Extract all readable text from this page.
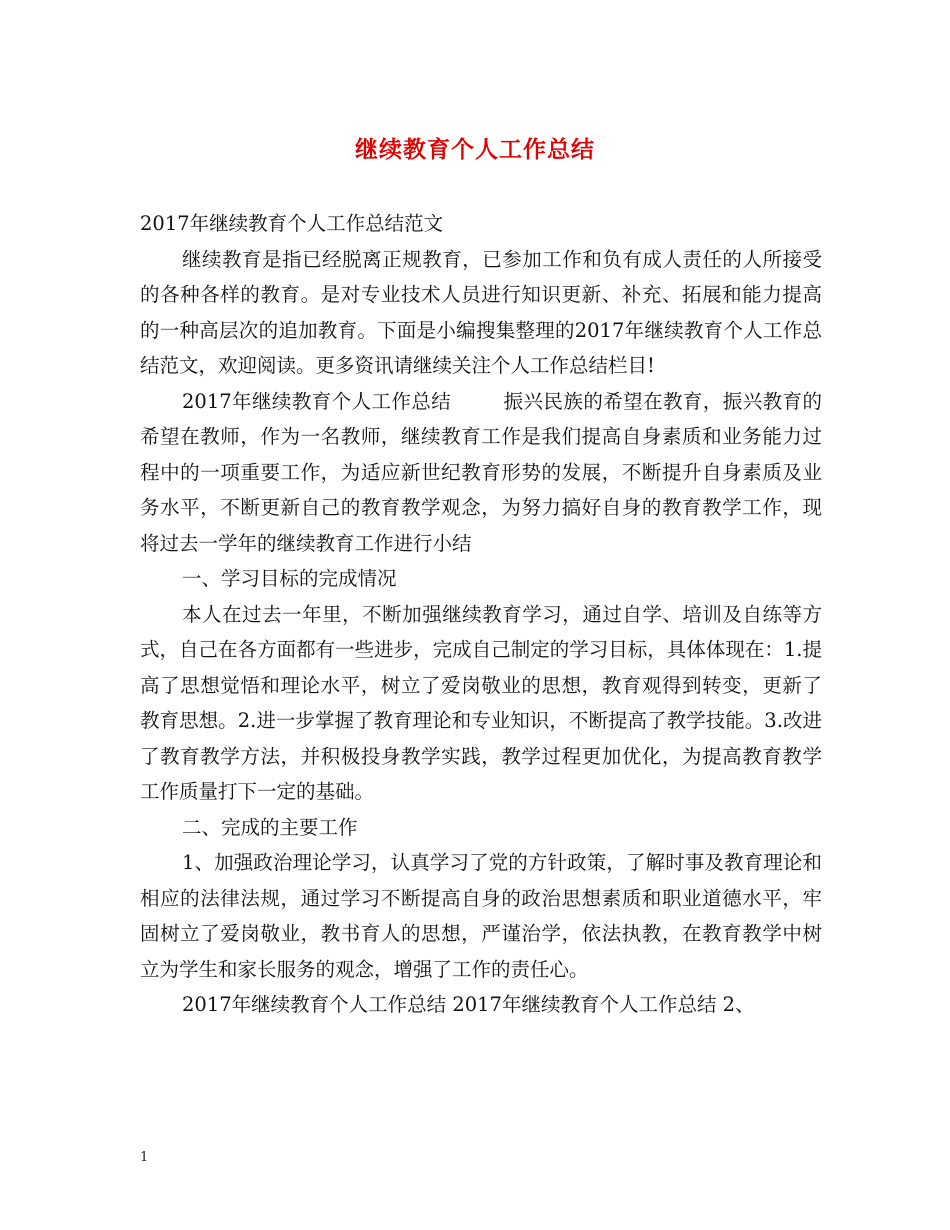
继续教育个人工作总结

2017年继续教育个人工作总结范文

继续教育是指已经脱离正规教育，已参加工作和负有成人责任的人所接受的各种各样的教育。是对专业技术人员进行知识更新、补充、拓展和能力提高的一种高层次的追加教育。下面是小编搜集整理的2017年继续教育个人工作总结范文，欢迎阅读。更多资讯请继续关注个人工作总结栏目!

2017年继续教育个人工作总结	振兴民族的希望在教育，振兴教育的希望在教师，作为一名教师，继续教育工作是我们提高自身素质和业务能力过程中的一项重要工作，为适应新世纪教育形势的发展，不断提升自身素质及业务水平，不断更新自己的教育教学观念，为努力搞好自身的教育教学工作，现将过去一学年的继续教育工作进行小结

一、学习目标的完成情况

本人在过去一年里，不断加强继续教育学习，通过自学、培训及自练等方式，自己在各方面都有一些进步，完成自己制定的学习目标，具体体现在：1.提高了思想觉悟和理论水平，树立了爱岗敬业的思想，教育观得到转变，更新了教育思想。2.进一步掌握了教育理论和专业知识，不断提高了教学技能。3.改进了教育教学方法，并积极投身教学实践，教学过程更加优化，为提高教育教学工作质量打下一定的基础。

二、完成的主要工作

1、加强政治理论学习，认真学习了党的方针政策，了解时事及教育理论和相应的法律法规，通过学习不断提高自身的政治思想素质和职业道德水平，牢固树立了爱岗敬业，教书育人的思想，严谨治学，依法执教，在教育教学中树立为学生和家长服务的观念，增强了工作的责任心。

2017年继续教育个人工作总结 2017年继续教育个人工作总结 2、

1
